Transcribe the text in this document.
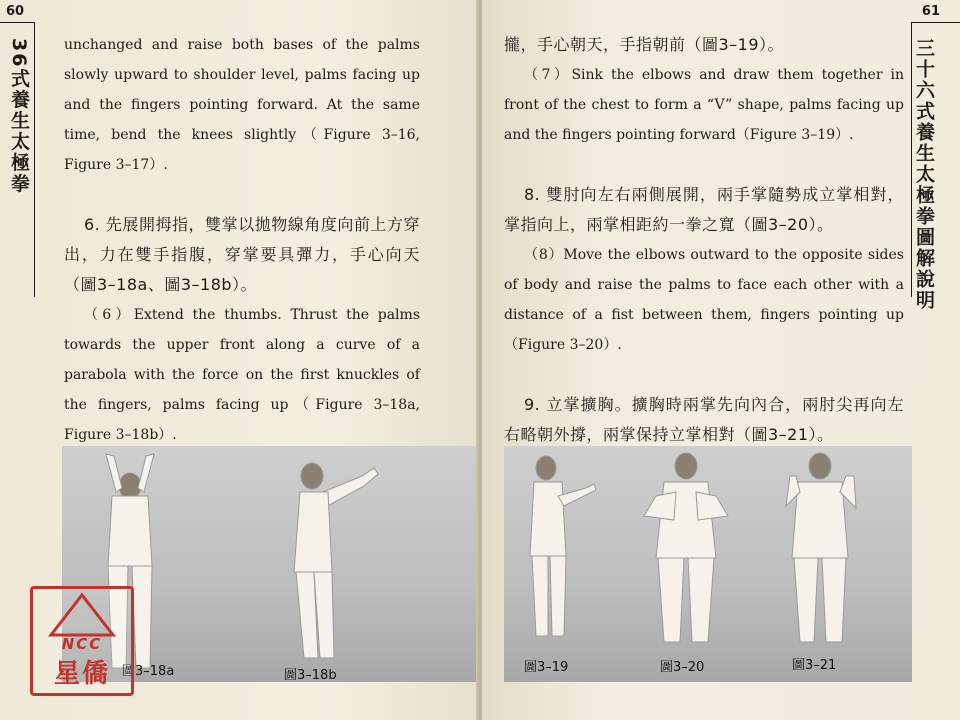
60
36式養生太極拳 unchanged and raise both bases of the palms slowly upward to shoulder level, palms facing up and the fingers pointing forward. At the same time, bend the knees slightly（Figure 3–16, Figure 3–17）.

6. 先展開拇指，雙掌以拋物線角度向前上方穿出，力在雙手指腹，穿掌要具彈力，手心向天（圖3–18a、圖3–18b）。

（6）Extend the thumbs. Thrust the palms towards the upper front along a curve of a parabola with the force on the first knuckles of the fingers, palms facing up（Figure 3–18a, Figure 3–18b）.

圖3–18a	圖3–18b
NCC
星僑
61
三十六式養生太極拳圖解說明

攏，手心朝天，手指朝前（圖3–19）。

（7）Sink the elbows and draw them together in front of the chest to form a “V” shape, palms facing up and the fingers pointing forward（Figure 3–19）.

8. 雙肘向左右兩側展開，兩手掌隨勢成立掌相對，掌指向上，兩掌相距約一拳之寬（圖3–20）。

（8）Move the elbows outward to the opposite sides of body and raise the palms to face each other with a distance of a fist between them, fingers pointing up（Figure 3–20）.

9. 立掌擴胸。擴胸時兩掌先向內合，兩肘尖再向左右略朝外撐，兩掌保持立掌相對（圖3–21）。

圖3–19	圖3–20	圖3–21
